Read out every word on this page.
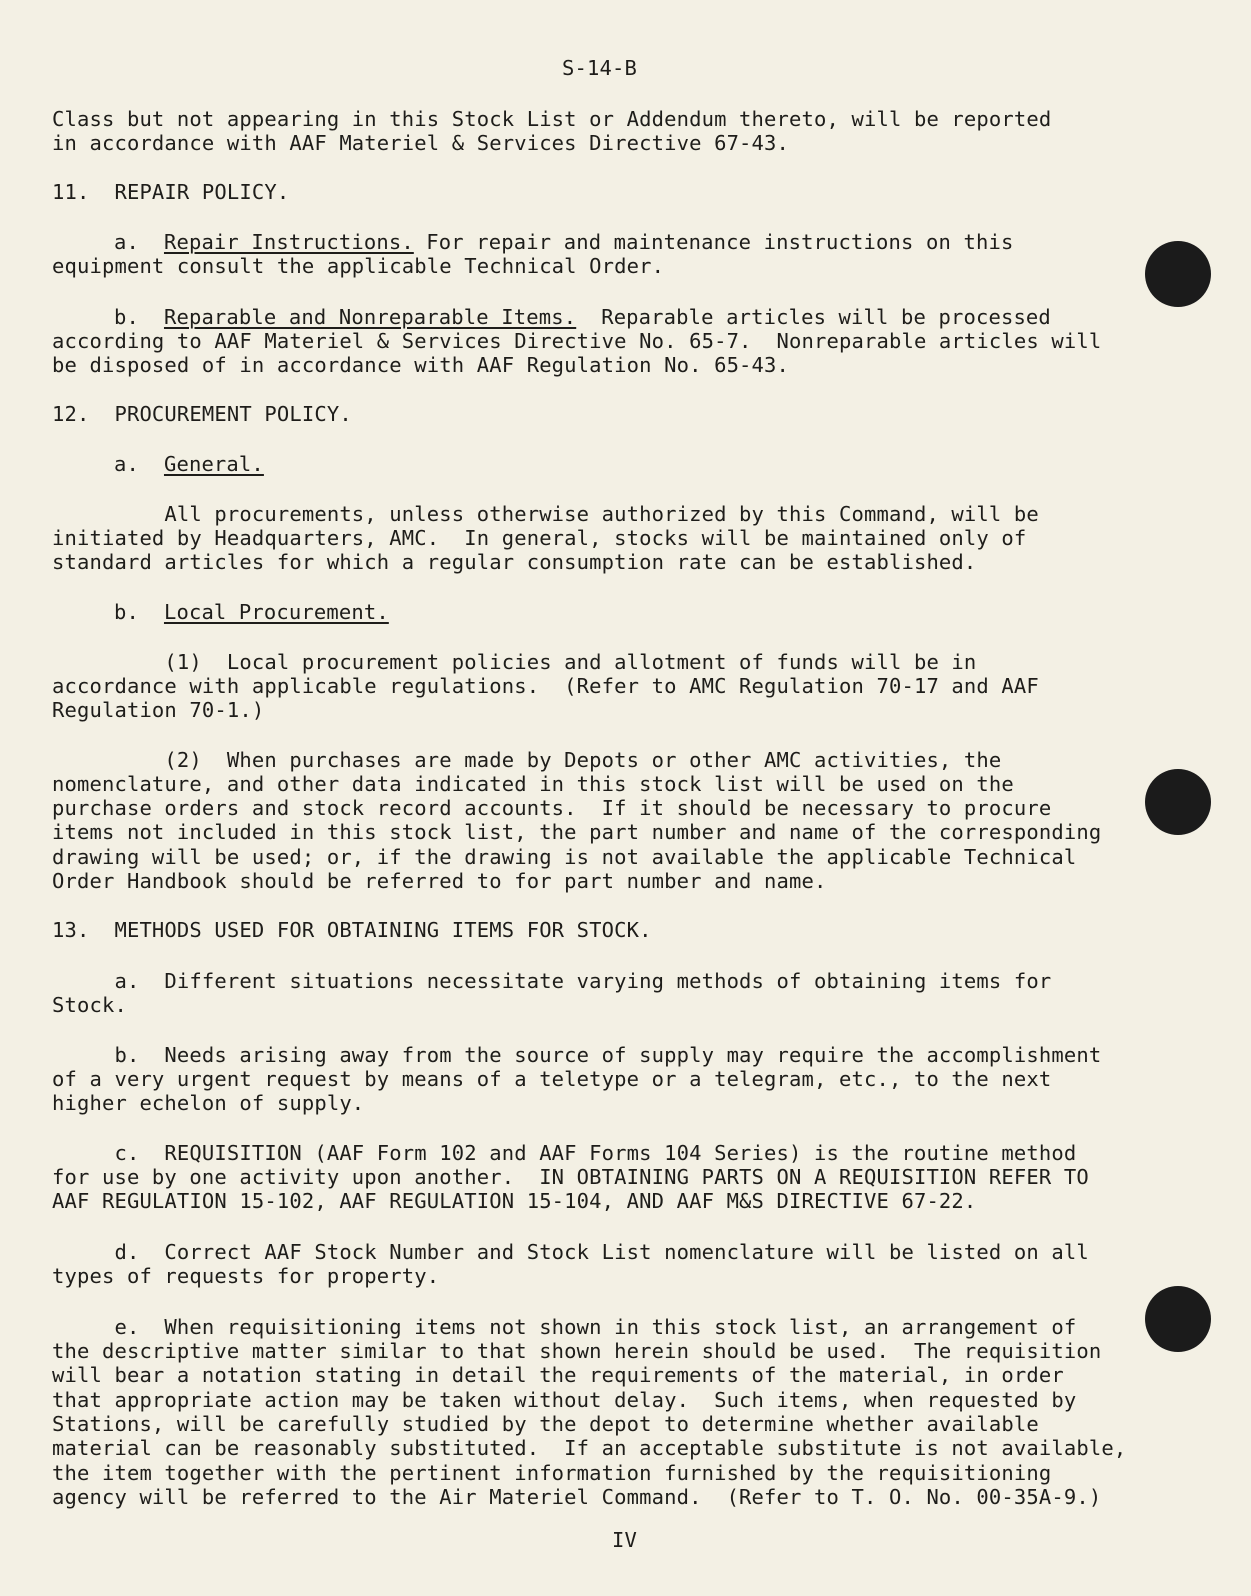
S-14-B
Class but not appearing in this Stock List or Addendum thereto, will be reported
in accordance with AAF Materiel & Services Directive 67-43.
11.  REPAIR POLICY.
a. Repair Instructions. For repair and maintenance instructions on this
equipment consult the applicable Technical Order.
b. Reparable and Nonreparable Items.  Reparable articles will be processed
according to AAF Materiel & Services Directive No. 65-7.  Nonreparable articles will
be disposed of in accordance with AAF Regulation No. 65-43.
12.  PROCUREMENT POLICY.
a. General.
All procurements, unless otherwise authorized by this Command, will be
initiated by Headquarters, AMC.  In general, stocks will be maintained only of
standard articles for which a regular consumption rate can be established.
b. Local Procurement.
(1)  Local procurement policies and allotment of funds will be in
accordance with applicable regulations.  (Refer to AMC Regulation 70-17 and AAF
Regulation 70-1.)
(2)  When purchases are made by Depots or other AMC activities, the
nomenclature, and other data indicated in this stock list will be used on the
purchase orders and stock record accounts.  If it should be necessary to procure
items not included in this stock list, the part number and name of the corresponding
drawing will be used; or, if the drawing is not available the applicable Technical
Order Handbook should be referred to for part number and name.
13.  METHODS USED FOR OBTAINING ITEMS FOR STOCK.
a.  Different situations necessitate varying methods of obtaining items for
Stock.
b.  Needs arising away from the source of supply may require the accomplishment
of a very urgent request by means of a teletype or a telegram, etc., to the next
higher echelon of supply.
c.  REQUISITION (AAF Form 102 and AAF Forms 104 Series) is the routine method
for use by one activity upon another.  IN OBTAINING PARTS ON A REQUISITION REFER TO
AAF REGULATION 15-102, AAF REGULATION 15-104, AND AAF M&S DIRECTIVE 67-22.
d.  Correct AAF Stock Number and Stock List nomenclature will be listed on all
types of requests for property.
e.  When requisitioning items not shown in this stock list, an arrangement of
the descriptive matter similar to that shown herein should be used.  The requisition
will bear a notation stating in detail the requirements of the material, in order
that appropriate action may be taken without delay.  Such items, when requested by
Stations, will be carefully studied by the depot to determine whether available
material can be reasonably substituted.  If an acceptable substitute is not available,
the item together with the pertinent information furnished by the requisitioning
agency will be referred to the Air Materiel Command.  (Refer to T. O. No. 00-35A-9.)
IV
